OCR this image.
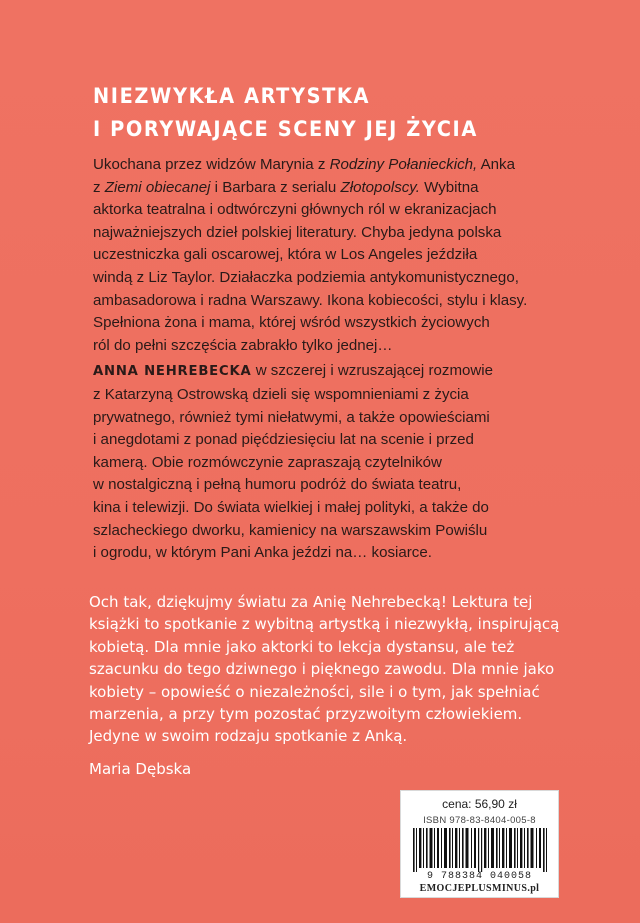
NIEZWYKŁA ARTYSTKA
I PORYWAJĄCE SCENY JEJ ŻYCIA
Ukochana przez widzów Marynia z Rodziny Połanieckich, Anka
z Ziemi obiecanej i Barbara z serialu Złotopolscy. Wybitna
aktorka teatralna i odtwórczyni głównych ról w ekranizacjach
najważniejszych dzieł polskiej literatury. Chyba jedyna polska
uczestniczka gali oscarowej, która w Los Angeles jeździła
windą z Liz Taylor. Działaczka podziemia antykomunistycznego,
ambasadorowa i radna Warszawy. Ikona kobiecości, stylu i klasy.
Spełniona żona i mama, której wśród wszystkich życiowych
ról do pełni szczęścia zabrakło tylko jednej…
ANNA NEHREBECKA w szczerej i wzruszającej rozmowie
z Katarzyną Ostrowską dzieli się wspomnieniami z życia
prywatnego, również tymi niełatwymi, a także opowieściami
i anegdotami z ponad pięćdziesięciu lat na scenie i przed
kamerą. Obie rozmówczynie zapraszają czytelników
w nostalgiczną i pełną humoru podróż do świata teatru,
kina i telewizji. Do świata wielkiej i małej polityki, a także do
szlacheckiego dworku, kamienicy na warszawskim Powiślu
i ogrodu, w którym Pani Anka jeździ na… kosiarce.
Och tak, dziękujmy światu za Anię Nehrebecką! Lektura tej
książki to spotkanie z wybitną artystką i niezwykłą, inspirującą
kobietą. Dla mnie jako aktorki to lekcja dystansu, ale też
szacunku do tego dziwnego i pięknego zawodu. Dla mnie jako
kobiety – opowieść o niezależności, sile i o tym, jak spełniać
marzenia, a przy tym pozostać przyzwoitym człowiekiem.
Jedyne w swoim rodzaju spotkanie z Anką.
Maria Dębska
cena: 56,90 zł
ISBN 978-83-8404-005-8
9 788384 040058
EMOCJEPLUSMINUS.pl
